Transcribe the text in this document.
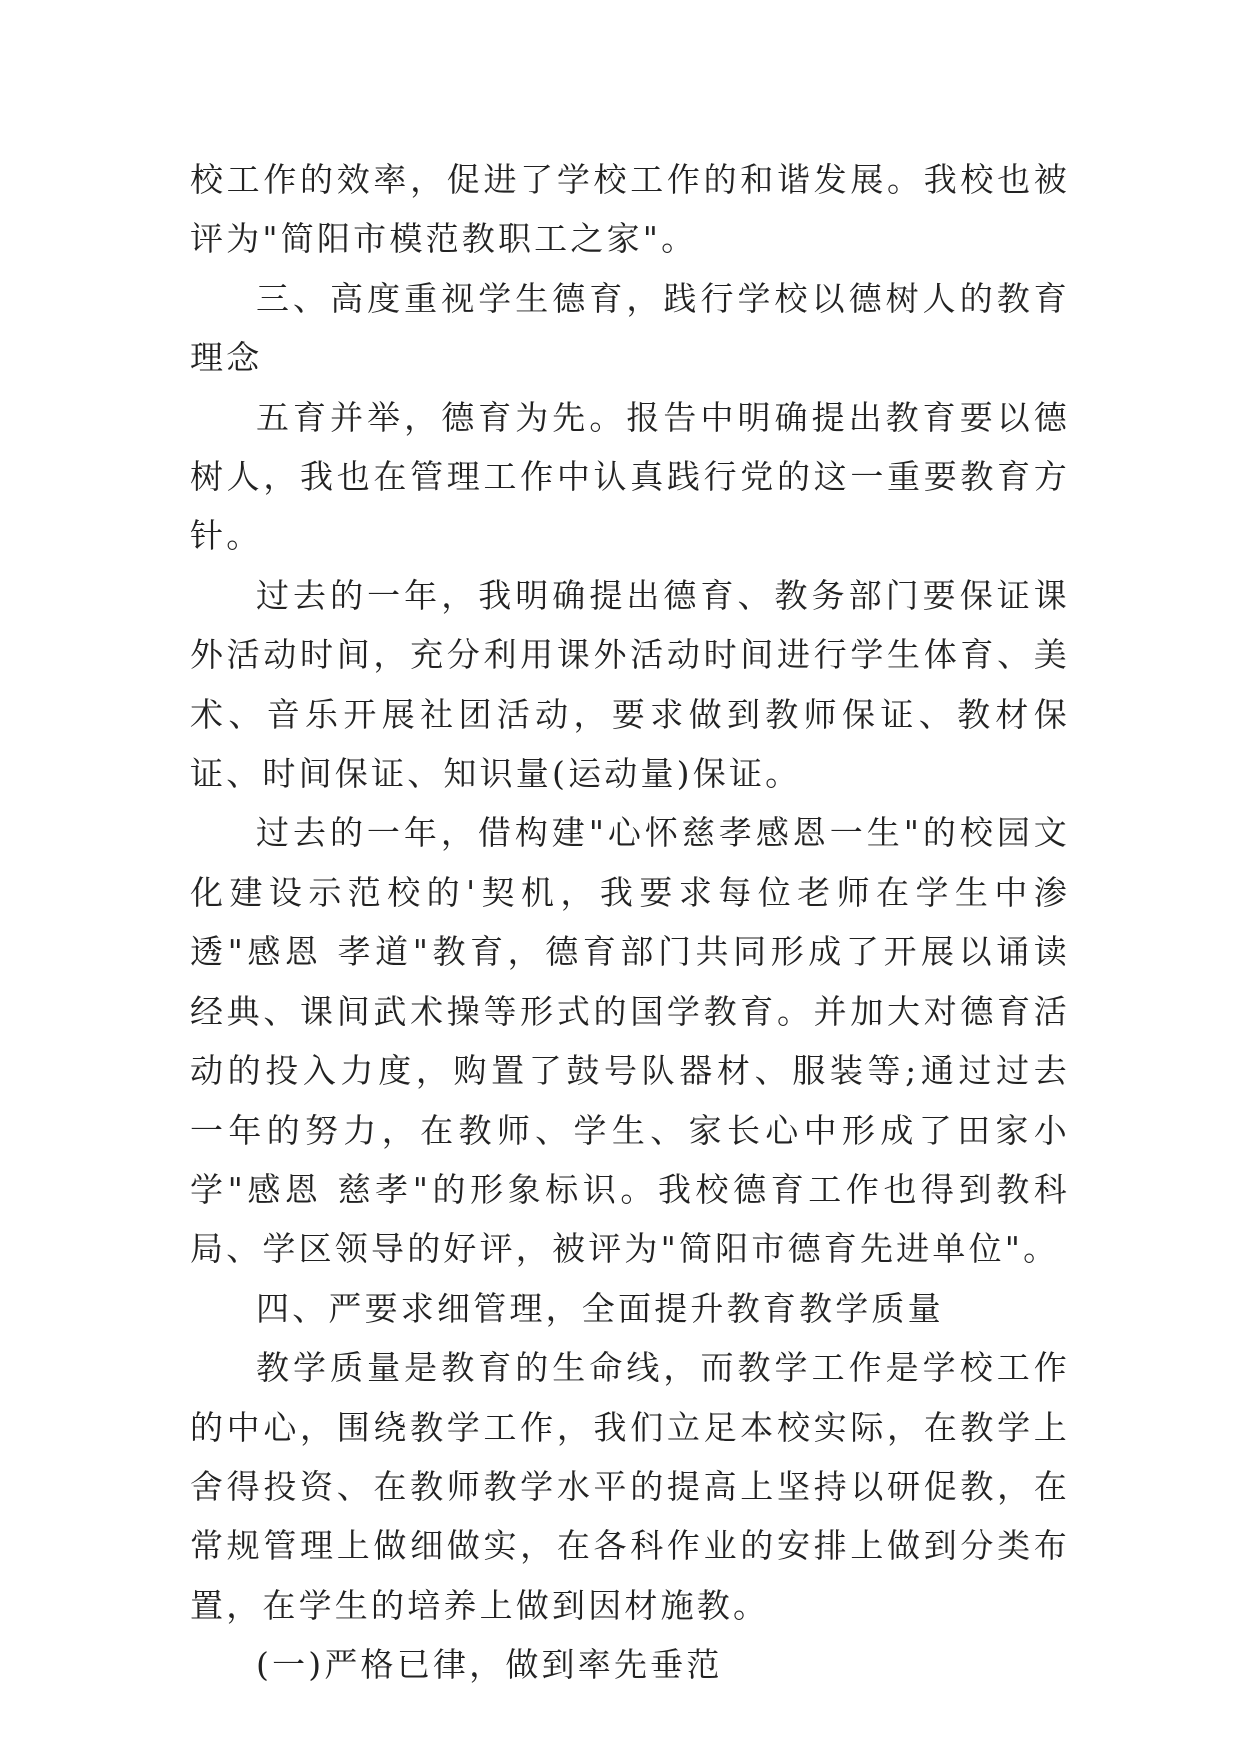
校工作的效率，促进了学校工作的和谐发展。我校也被评为"简阳市模范教职工之家"。

三、高度重视学生德育，践行学校以德树人的教育理念

五育并举，德育为先。报告中明确提出教育要以德树人，我也在管理工作中认真践行党的这一重要教育方针。

过去的一年，我明确提出德育、教务部门要保证课外活动时间，充分利用课外活动时间进行学生体育、美术、音乐开展社团活动，要求做到教师保证、教材保证、时间保证、知识量(运动量)保证。

过去的一年，借构建"心怀慈孝感恩一生"的校园文化建设示范校的'契机，我要求每位老师在学生中渗透"感恩 孝道"教育，德育部门共同形成了开展以诵读经典、课间武术操等形式的国学教育。并加大对德育活动的投入力度，购置了鼓号队器材、服装等;通过过去一年的努力，在教师、学生、家长心中形成了田家小学"感恩 慈孝"的形象标识。我校德育工作也得到教科局、学区领导的好评，被评为"简阳市德育先进单位"。

四、严要求细管理，全面提升教育教学质量

教学质量是教育的生命线，而教学工作是学校工作的中心，围绕教学工作，我们立足本校实际，在教学上舍得投资、在教师教学水平的提高上坚持以研促教，在常规管理上做细做实，在各科作业的安排上做到分类布置，在学生的培养上做到因材施教。

(一)严格已律，做到率先垂范
